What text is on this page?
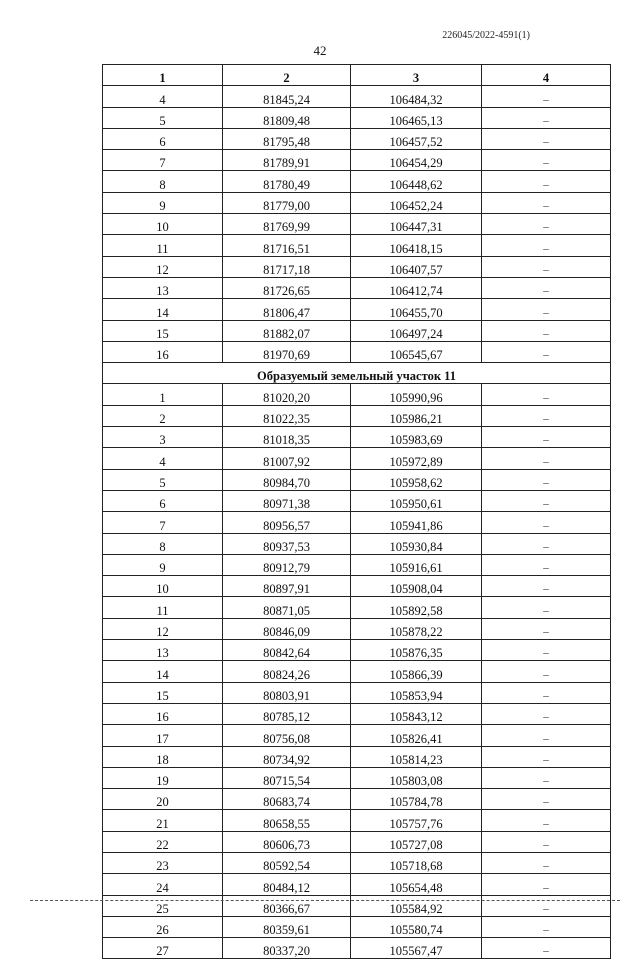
226045/2022-4591(1)
42
1	2	3	4
4	81845,24	106484,32	–
5	81809,48	106465,13	–
6	81795,48	106457,52	–
7	81789,91	106454,29	–
8	81780,49	106448,62	–
9	81779,00	106452,24	–
10	81769,99	106447,31	–
11	81716,51	106418,15	–
12	81717,18	106407,57	–
13	81726,65	106412,74	–
14	81806,47	106455,70	–
15	81882,07	106497,24	–
16	81970,69	106545,67	–
Образуемый земельный участок 11			
1	81020,20	105990,96	–
2	81022,35	105986,21	–
3	81018,35	105983,69	–
4	81007,92	105972,89	–
5	80984,70	105958,62	–
6	80971,38	105950,61	–
7	80956,57	105941,86	–
8	80937,53	105930,84	–
9	80912,79	105916,61	–
10	80897,91	105908,04	–
11	80871,05	105892,58	–
12	80846,09	105878,22	–
13	80842,64	105876,35	–
14	80824,26	105866,39	–
15	80803,91	105853,94	–
16	80785,12	105843,12	–
17	80756,08	105826,41	–
18	80734,92	105814,23	–
19	80715,54	105803,08	–
20	80683,74	105784,78	–
21	80658,55	105757,76	–
22	80606,73	105727,08	–
23	80592,54	105718,68	–
24	80484,12	105654,48	–
25	80366,67	105584,92	–
26	80359,61	105580,74	–
27	80337,20	105567,47	–
